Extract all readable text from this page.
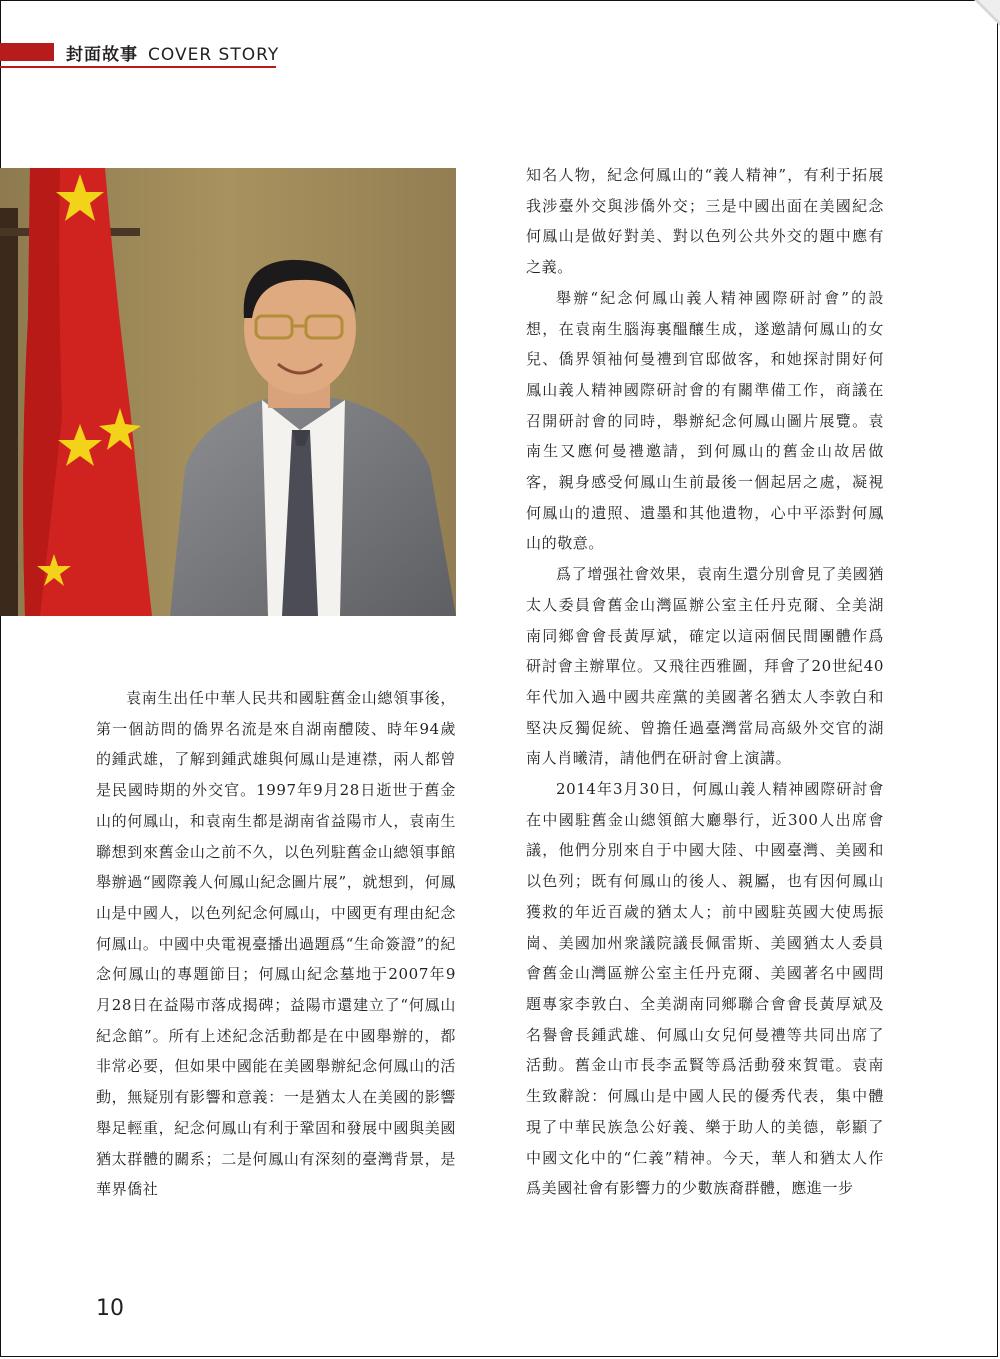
封面故事 COVER STORY

袁南生出任中華人民共和國駐舊金山總領事後，第一個訪問的僑界名流是來自湖南醴陵、時年94歲的鍾武雄，了解到鍾武雄與何鳳山是連襟，兩人都曾是民國時期的外交官。1997年9月28日逝世于舊金山的何鳳山，和袁南生都是湖南省益陽市人，袁南生聯想到來舊金山之前不久，以色列駐舊金山總領事館舉辦過“國際義人何鳳山紀念圖片展”，就想到，何鳳山是中國人，以色列紀念何鳳山，中國更有理由紀念何鳳山。中國中央電視臺播出過題爲“生命簽證”的紀念何鳳山的專題節目；何鳳山紀念墓地于2007年9月28日在益陽市落成揭碑；益陽市還建立了“何鳳山紀念館”。所有上述紀念活動都是在中國舉辦的，都非常必要，但如果中國能在美國舉辦紀念何鳳山的活動，無疑別有影響和意義：一是猶太人在美國的影響舉足輕重，紀念何鳳山有利于鞏固和發展中國與美國猶太群體的關系；二是何鳳山有深刻的臺灣背景，是華界僑社

知名人物，紀念何鳳山的“義人精神”，有利于拓展我涉臺外交與涉僑外交；三是中國出面在美國紀念何鳳山是做好對美、對以色列公共外交的題中應有之義。

舉辦“紀念何鳳山義人精神國際研討會”的設想，在袁南生腦海裏醞釀生成，遂邀請何鳳山的女兒、僑界領袖何曼禮到官邸做客，和她探討開好何鳳山義人精神國際研討會的有關準備工作，商議在召開研討會的同時，舉辦紀念何鳳山圖片展覽。袁南生又應何曼禮邀請，到何鳳山的舊金山故居做客，親身感受何鳳山生前最後一個起居之處，凝視何鳳山的遺照、遺墨和其他遺物，心中平添對何鳳山的敬意。

爲了增强社會效果，袁南生還分別會見了美國猶太人委員會舊金山灣區辦公室主任丹克爾、全美湖南同鄉會會長黃厚斌，確定以這兩個民間團體作爲研討會主辦單位。又飛往西雅圖，拜會了20世紀40年代加入過中國共産黨的美國著名猶太人李敦白和堅决反獨促統、曾擔任過臺灣當局高級外交官的湖南人肖曦清，請他們在研討會上演講。

2014年3月30日，何鳳山義人精神國際研討會在中國駐舊金山總領館大廳舉行，近300人出席會議，他們分別來自于中國大陸、中國臺灣、美國和以色列；既有何鳳山的後人、親屬，也有因何鳳山獲救的年近百歲的猶太人；前中國駐英國大使馬振崗、美國加州衆議院議長佩雷斯、美國猶太人委員會舊金山灣區辦公室主任丹克爾、美國著名中國問題專家李敦白、全美湖南同鄉聯合會會長黃厚斌及名譽會長鍾武雄、何鳳山女兒何曼禮等共同出席了活動。舊金山市長李孟賢等爲活動發來賀電。袁南生致辭說：何鳳山是中國人民的優秀代表，集中體現了中華民族急公好義、樂于助人的美德，彰顯了中國文化中的“仁義”精神。今天，華人和猶太人作爲美國社會有影響力的少數族裔群體，應進一步

10
